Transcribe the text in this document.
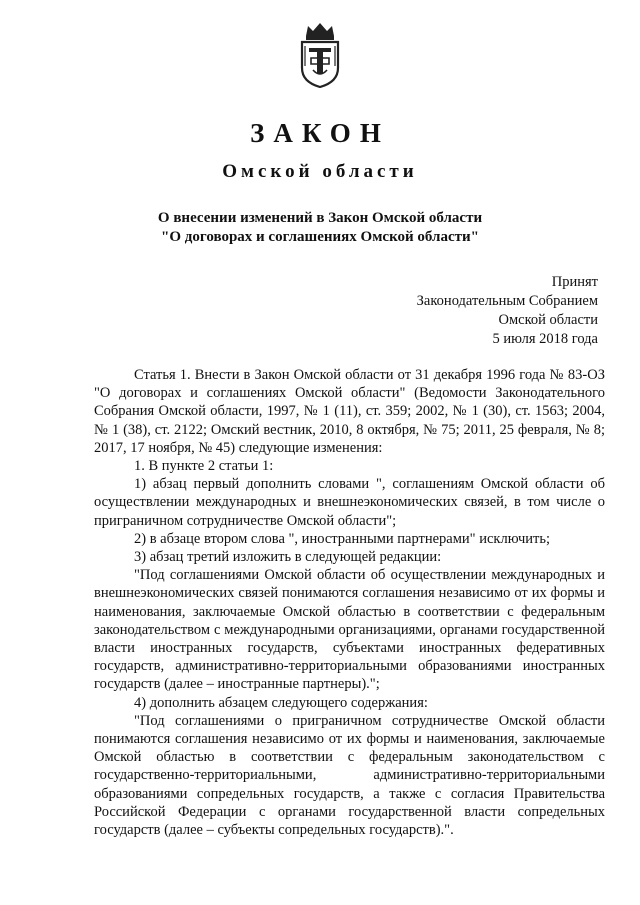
ЗАКОН
Омской области
О внесении изменений в Закон Омской области
"О договорах и соглашениях Омской области"
Принят
Законодательным Собранием
Омской области
5 июля 2018 года

Статья 1. Внести в Закон Омской области от 31 декабря 1996 года № 83-ОЗ "О договорах и соглашениях Омской области" (Ведомости Законодательного Собрания Омской области, 1997, № 1 (11), ст. 359; 2002, № 1 (30), ст. 1563; 2004, № 1 (38), ст. 2122; Омский вестник, 2010, 8 октября, № 75; 2011, 25 февраля, № 8; 2017, 17 ноября, № 45) следующие изменения:

1. В пункте 2 статьи 1:

1) абзац первый дополнить словами ", соглашениям Омской области об осуществлении международных и внешнеэкономических связей, в том числе о приграничном сотрудничестве Омской области";

2) в абзаце втором слова ", иностранными партнерами" исключить;

3) абзац третий изложить в следующей редакции:

"Под соглашениями Омской области об осуществлении международных и внешнеэкономических связей понимаются соглашения независимо от их формы и наименования, заключаемые Омской областью в соответствии с федеральным законодательством с международными организациями, органами государственной власти иностранных государств, субъектами иностранных федеративных государств, административно-территориальными образованиями иностранных государств (далее – иностранные партнеры).";

4) дополнить абзацем следующего содержания:

"Под соглашениями о приграничном сотрудничестве Омской области понимаются соглашения независимо от их формы и наименования, заключаемые Омской областью в соответствии с федеральным законодательством с государственно-территориальными, административно-территориальными образованиями сопредельных государств, а также с согласия Правительства Российской Федерации с органами государственной власти сопредельных государств (далее – субъекты сопредельных государств).".
